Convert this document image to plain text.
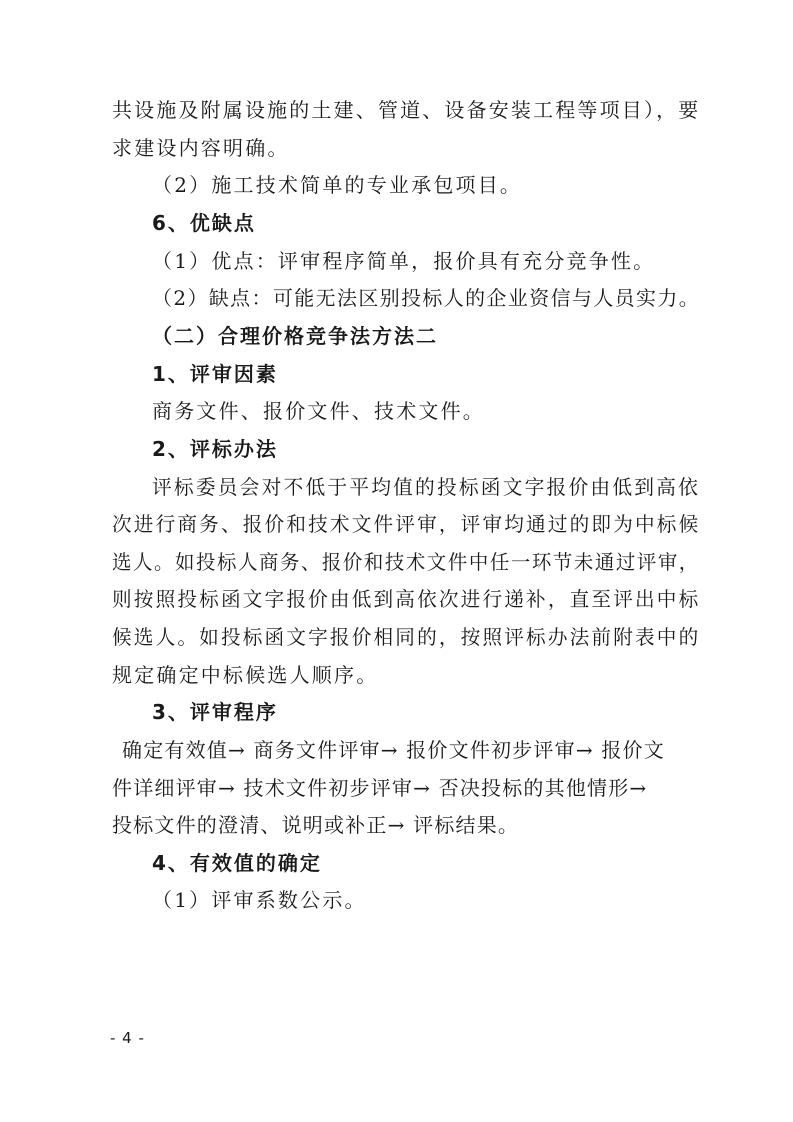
共设施及附属设施的土建、管道、设备安装工程等项目），要
求建设内容明确。
（2）施工技术简单的专业承包项目。
6、优缺点
（1）优点：评审程序简单，报价具有充分竞争性。
（2）缺点：可能无法区别投标人的企业资信与人员实力。
（二）合理价格竞争法方法二
1、评审因素
商务文件、报价文件、技术文件。
2、评标办法
评标委员会对不低于平均值的投标函文字报价由低到高依
次进行商务、报价和技术文件评审，评审均通过的即为中标候
选人。如投标人商务、报价和技术文件中任一环节未通过评审，
则按照投标函文字报价由低到高依次进行递补，直至评出中标
候选人。如投标函文字报价相同的，按照评标办法前附表中的
规定确定中标候选人顺序。
3、评审程序
确定有效值→ 商务文件评审→ 报价文件初步评审→ 报价文
件详细评审→ 技术文件初步评审→ 否决投标的其他情形→
投标文件的澄清、说明或补正→ 评标结果。
4、有效值的确定
（1）评审系数公示。
- 4 -
